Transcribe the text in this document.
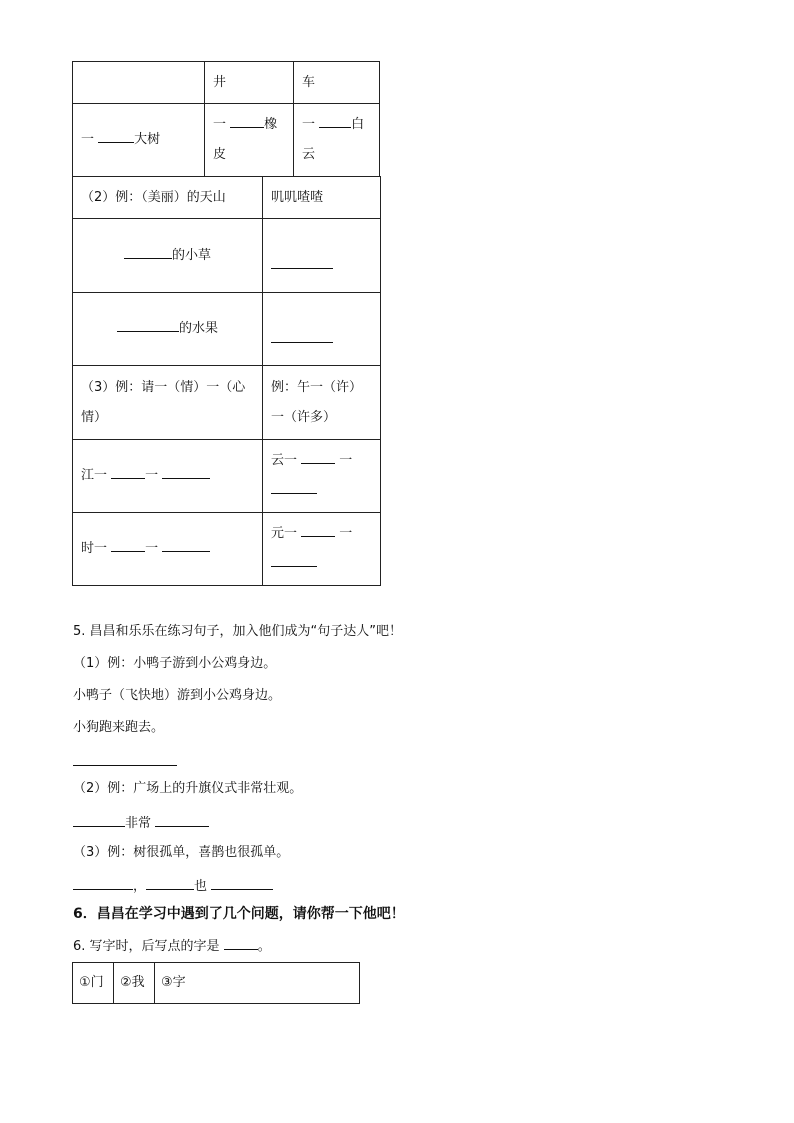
	井	车
一 大树	一 橡皮	一 白云
（2）例：（美丽）的天山	叽叽喳喳
的小草	
的水果	
（3）例：请一（情）一（心情）	例：午一（许）一（许多）
江一 一	云一 一

时一 一	元一 一

5. 昌昌和乐乐在练习句子，加入他们成为“句子达人”吧！
（1）例：小鸭子游到小公鸡身边。
小鸭子（飞快地）游到小公鸡身边。
小狗跑来跑去。
（2）例：广场上的升旗仪式非常壮观。
非常
（3）例：树很孤单，喜鹊也很孤单。
，	也
6．昌昌在学习中遇到了几个问题，请你帮一下他吧！
6. 写字时，后写点的字是	。
①门	②我	③字
